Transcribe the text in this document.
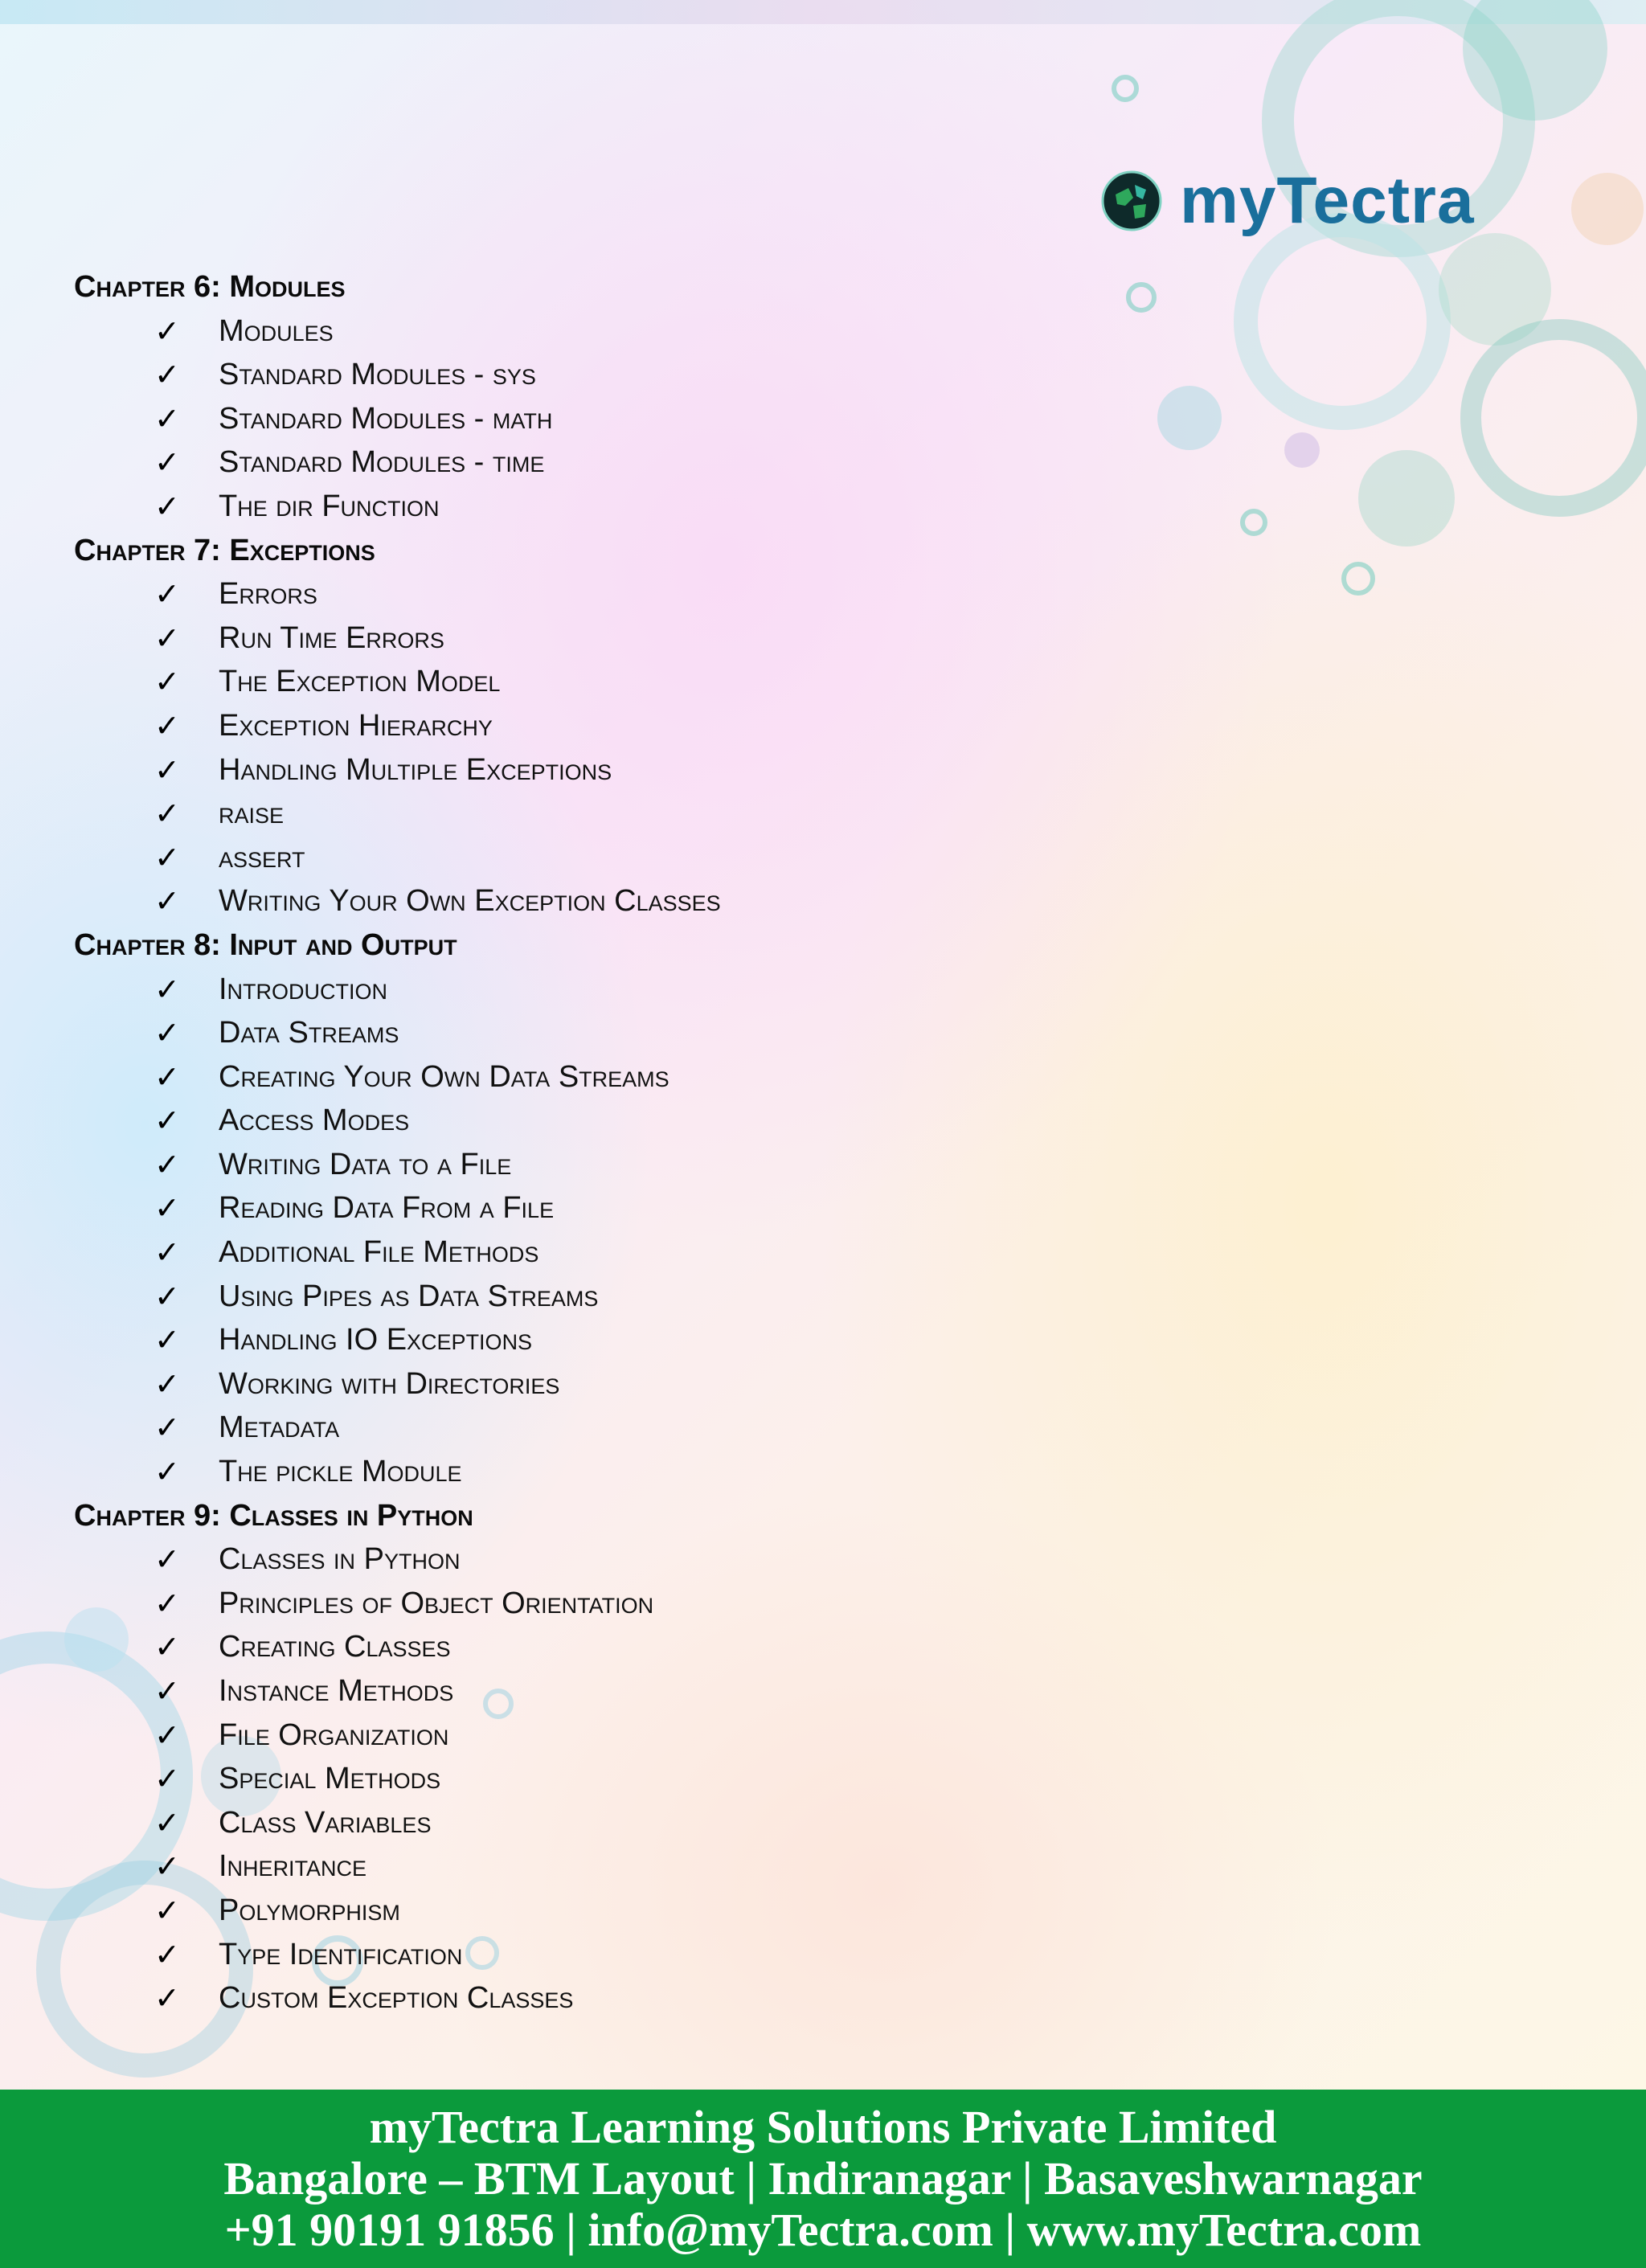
myTectra
Chapter 6: Modules
✓	Modules
✓	Standard Modules - sys
✓	Standard Modules - math
✓	Standard Modules - time
✓	The dir Function
Chapter 7: Exceptions
✓	Errors
✓	Run Time Errors
✓	The Exception Model
✓	Exception Hierarchy
✓	Handling Multiple Exceptions
✓	raise
✓	assert
✓	Writing Your Own Exception Classes
Chapter 8: Input and Output
✓	Introduction
✓	Data Streams
✓	Creating Your Own Data Streams
✓	Access Modes
✓	Writing Data to a File
✓	Reading Data From a File
✓	Additional File Methods
✓	Using Pipes as Data Streams
✓	Handling IO Exceptions
✓	Working with Directories
✓	Metadata
✓	The pickle Module
Chapter 9: Classes in Python
✓	Classes in Python
✓	Principles of Object Orientation
✓	Creating Classes
✓	Instance Methods
✓	File Organization
✓	Special Methods
✓	Class Variables
✓	Inheritance
✓	Polymorphism
✓	Type Identification
✓	Custom Exception Classes
myTectra Learning Solutions Private Limited
Bangalore – BTM Layout | Indiranagar | Basaveshwarnagar
+91 90191 91856 | info@myTectra.com | www.myTectra.com
